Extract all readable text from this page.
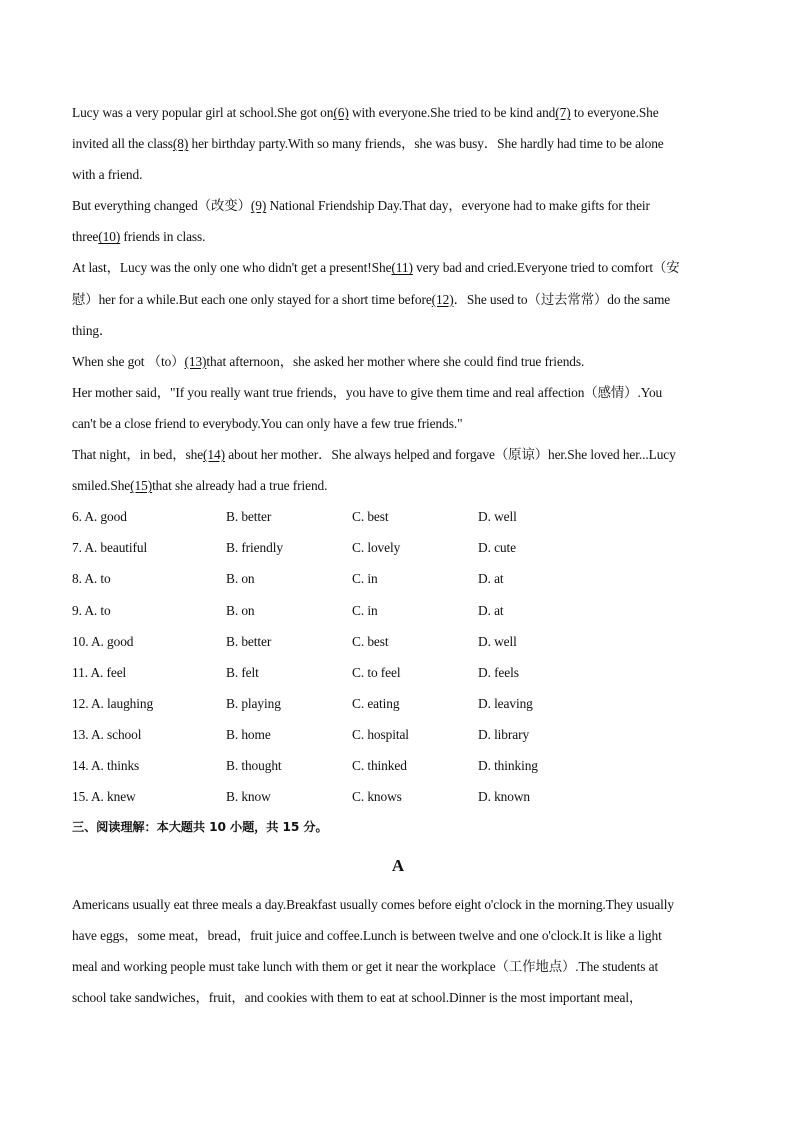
Lucy was a very popular girl at school.She got on(6) with everyone.She tried to be kind and(7) to everyone.She
invited all the class(8) her birthday party.With so many friends，she was busy．She hardly had time to be alone
with a friend.
But everything changed（改变）(9) National Friendship Day.That day，everyone had to make gifts for their
three(10) friends in class.
At last，Lucy was the only one who didn't get a present!She(11) very bad and cried.Everyone tried to comfort（安
慰）her for a while.But each one only stayed for a short time before(12)．She used to（过去常常）do the same
thing．
When she got （to）(13)that afternoon，she asked her mother where she could find true friends.
Her mother said，"If you really want true friends，you have to give them time and real affection（感情）.You
can't be a close friend to everybody.You can only have a few true friends."
That night，in bed，she(14) about her mother．She always helped and forgave（原谅）her.She loved her...Lucy
smiled.She(15)that she already had a true friend.
6. A. good	B. better	C. best	D. well
7. A. beautiful	B. friendly	C. lovely	D. cute
8. A. to	B. on	C. in	D. at
9. A. to	B. on	C. in	D. at
10. A. good	B. better	C. best	D. well
11. A. feel	B. felt	C. to feel	D. feels
12. A. laughing	B. playing	C. eating	D. leaving
13. A. school	B. home	C. hospital	D. library
14. A. thinks	B. thought	C. thinked	D. thinking
15. A. knew	B. know	C. knows	D. known
三、阅读理解：本大题共 10 小题，共 15 分。
A
Americans usually eat three meals a day.Breakfast usually comes before eight o'clock in the morning.They usually
have eggs，some meat，bread，fruit juice and coffee.Lunch is between twelve and one o'clock.It is like a light
meal and working people must take lunch with them or get it near the workplace（工作地点）.The students at
school take sandwiches，fruit，and cookies with them to eat at school.Dinner is the most important meal，
